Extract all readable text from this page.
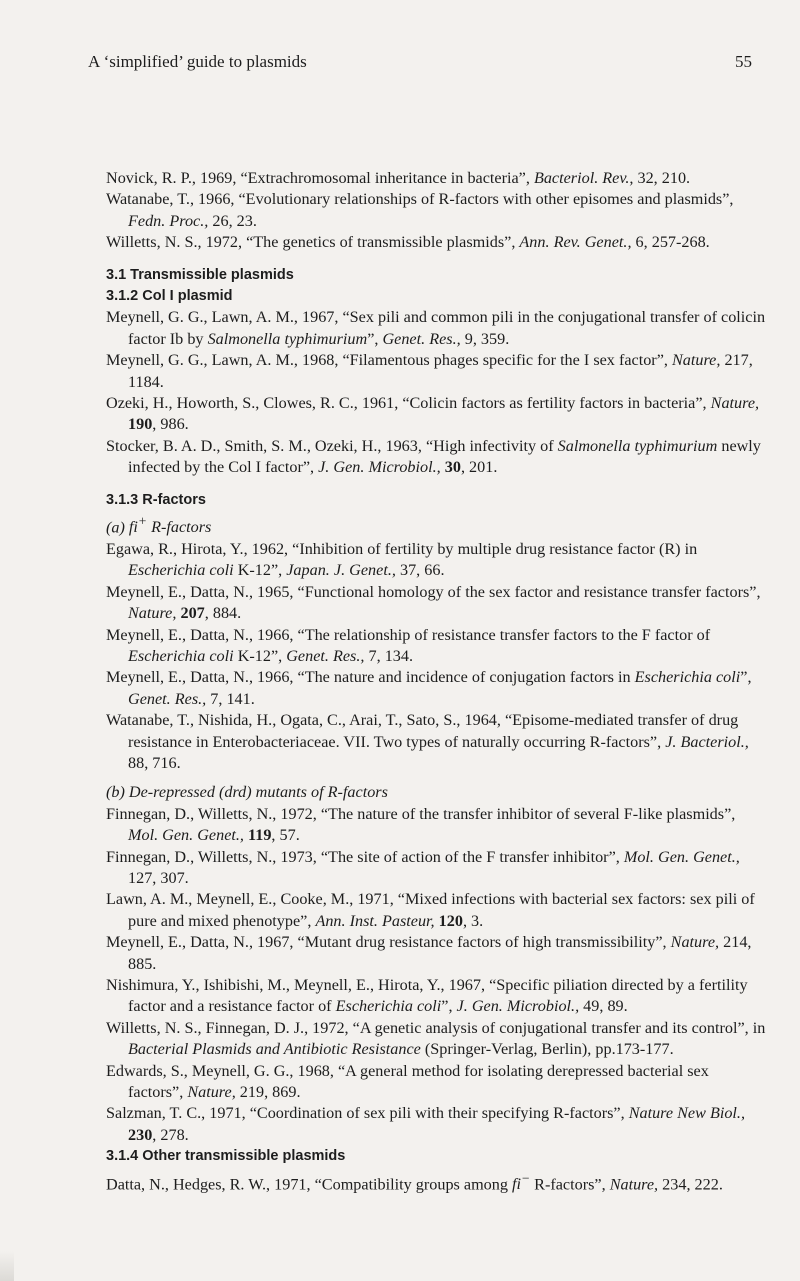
A ‘simplified’ guide to plasmids	55
Novick, R. P., 1969, “Extrachromosomal inheritance in bacteria”, Bacteriol. Rev., 32, 210.
Watanabe, T., 1966, “Evolutionary relationships of R-factors with other episomes and plasmids”, Fedn. Proc., 26, 23.
Willetts, N. S., 1972, “The genetics of transmissible plasmids”, Ann. Rev. Genet., 6, 257-268.
3.1 Transmissible plasmids
3.1.2 Col I plasmid
Meynell, G. G., Lawn, A. M., 1967, “Sex pili and common pili in the conjugational transfer of colicin factor Ib by Salmonella typhimurium”, Genet. Res., 9, 359.
Meynell, G. G., Lawn, A. M., 1968, “Filamentous phages specific for the I sex factor”, Nature, 217, 1184.
Ozeki, H., Howorth, S., Clowes, R. C., 1961, “Colicin factors as fertility factors in bacteria”, Nature, 190, 986.
Stocker, B. A. D., Smith, S. M., Ozeki, H., 1963, “High infectivity of Salmonella typhimurium newly infected by the Col I factor”, J. Gen. Microbiol., 30, 201.
3.1.3 R-factors
(a) fi+ R-factors
Egawa, R., Hirota, Y., 1962, “Inhibition of fertility by multiple drug resistance factor (R) in Escherichia coli K-12”, Japan. J. Genet., 37, 66.
Meynell, E., Datta, N., 1965, “Functional homology of the sex factor and resistance transfer factors”, Nature, 207, 884.
Meynell, E., Datta, N., 1966, “The relationship of resistance transfer factors to the F factor of Escherichia coli K-12”, Genet. Res., 7, 134.
Meynell, E., Datta, N., 1966, “The nature and incidence of conjugation factors in Escherichia coli”, Genet. Res., 7, 141.
Watanabe, T., Nishida, H., Ogata, C., Arai, T., Sato, S., 1964, “Episome-mediated transfer of drug resistance in Enterobacteriaceae. VII. Two types of naturally occurring R-factors”, J. Bacteriol., 88, 716.
(b) De-repressed (drd) mutants of R-factors
Finnegan, D., Willetts, N., 1972, “The nature of the transfer inhibitor of several F-like plasmids”, Mol. Gen. Genet., 119, 57.
Finnegan, D., Willetts, N., 1973, “The site of action of the F transfer inhibitor”, Mol. Gen. Genet., 127, 307.
Lawn, A. M., Meynell, E., Cooke, M., 1971, “Mixed infections with bacterial sex factors: sex pili of pure and mixed phenotype”, Ann. Inst. Pasteur, 120, 3.
Meynell, E., Datta, N., 1967, “Mutant drug resistance factors of high transmissibility”, Nature, 214, 885.
Nishimura, Y., Ishibishi, M., Meynell, E., Hirota, Y., 1967, “Specific piliation directed by a fertility factor and a resistance factor of Escherichia coli”, J. Gen. Microbiol., 49, 89.
Willetts, N. S., Finnegan, D. J., 1972, “A genetic analysis of conjugational transfer and its control”, in Bacterial Plasmids and Antibiotic Resistance (Springer-Verlag, Berlin), pp.173-177.
Edwards, S., Meynell, G. G., 1968, “A general method for isolating derepressed bacterial sex factors”, Nature, 219, 869.
Salzman, T. C., 1971, “Coordination of sex pili with their specifying R-factors”, Nature New Biol., 230, 278.
3.1.4 Other transmissible plasmids
Datta, N., Hedges, R. W., 1971, “Compatibility groups among fi− R-factors”, Nature, 234, 222.
